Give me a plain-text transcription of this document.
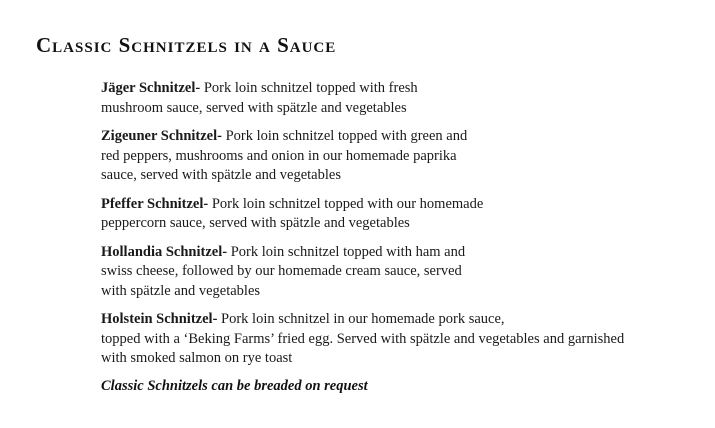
Classic Schnitzels in a Sauce
Jäger Schnitzel- Pork loin schnitzel topped with fresh
mushroom sauce, served with spätzle and vegetables
Zigeuner Schnitzel- Pork loin schnitzel topped with green and
red peppers, mushrooms and onion in our homemade paprika
sauce, served with spätzle and vegetables
Pfeffer Schnitzel- Pork loin schnitzel topped with our homemade
peppercorn sauce, served with spätzle and vegetables
Hollandia Schnitzel- Pork loin schnitzel topped with ham and
swiss cheese, followed by our homemade cream sauce, served
with spätzle and vegetables
Holstein Schnitzel- Pork loin schnitzel in our homemade pork sauce,
topped with a ‘Beking Farms’ fried egg. Served with spätzle and vegetables and garnished
with smoked salmon on rye toast

Classic Schnitzels can be breaded on request
